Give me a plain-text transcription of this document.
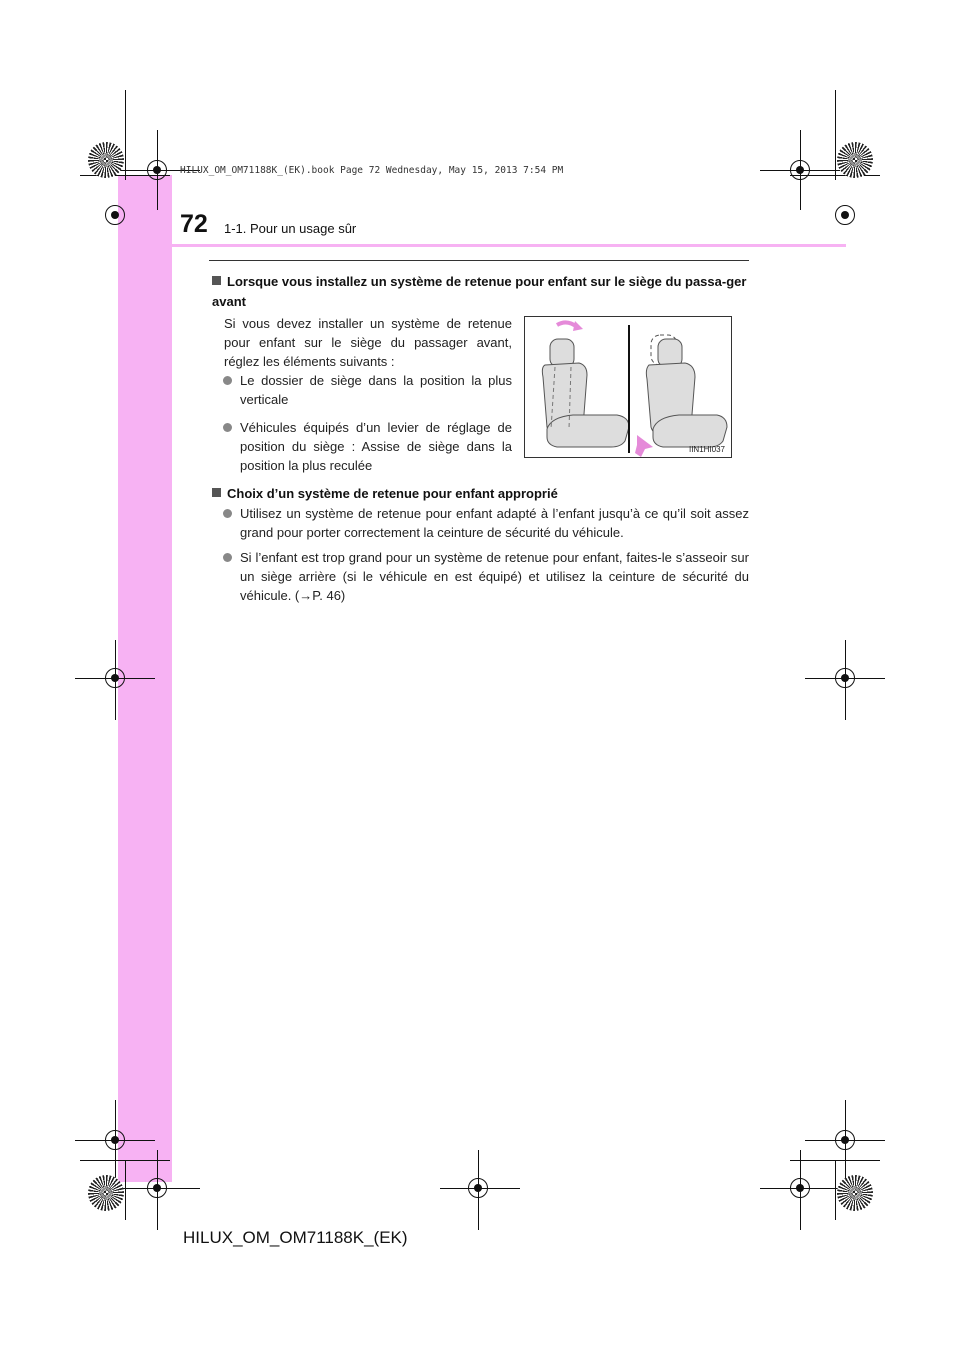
HILUX_OM_OM71188K_(EK).book Page 72 Wednesday, May 15, 2013 7:54 PM
72 1-1. Pour un usage sûr
Lorsque vous installez un système de retenue pour enfant sur le siège du passa-ger avant
Si vous devez installer un système de retenue pour enfant sur le siège du passager avant, réglez les éléments suivants :
Le dossier de siège dans la position la plus verticale
Véhicules équipés d’un levier de réglage de position du siège : Assise de siège dans la position la plus reculée
IIN1HI037
Choix d’un système de retenue pour enfant approprié
Utilisez un système de retenue pour enfant adapté à l’enfant jusqu’à ce qu’il soit assez grand pour porter correctement la ceinture de sécurité du véhicule.
Si l’enfant est trop grand pour un système de retenue pour enfant, faites-le s’asseoir sur un siège arrière (si le véhicule en est équipé) et utilisez la ceinture de sécurité du véhicule. (→P. 46)
HILUX_OM_OM71188K_(EK)
